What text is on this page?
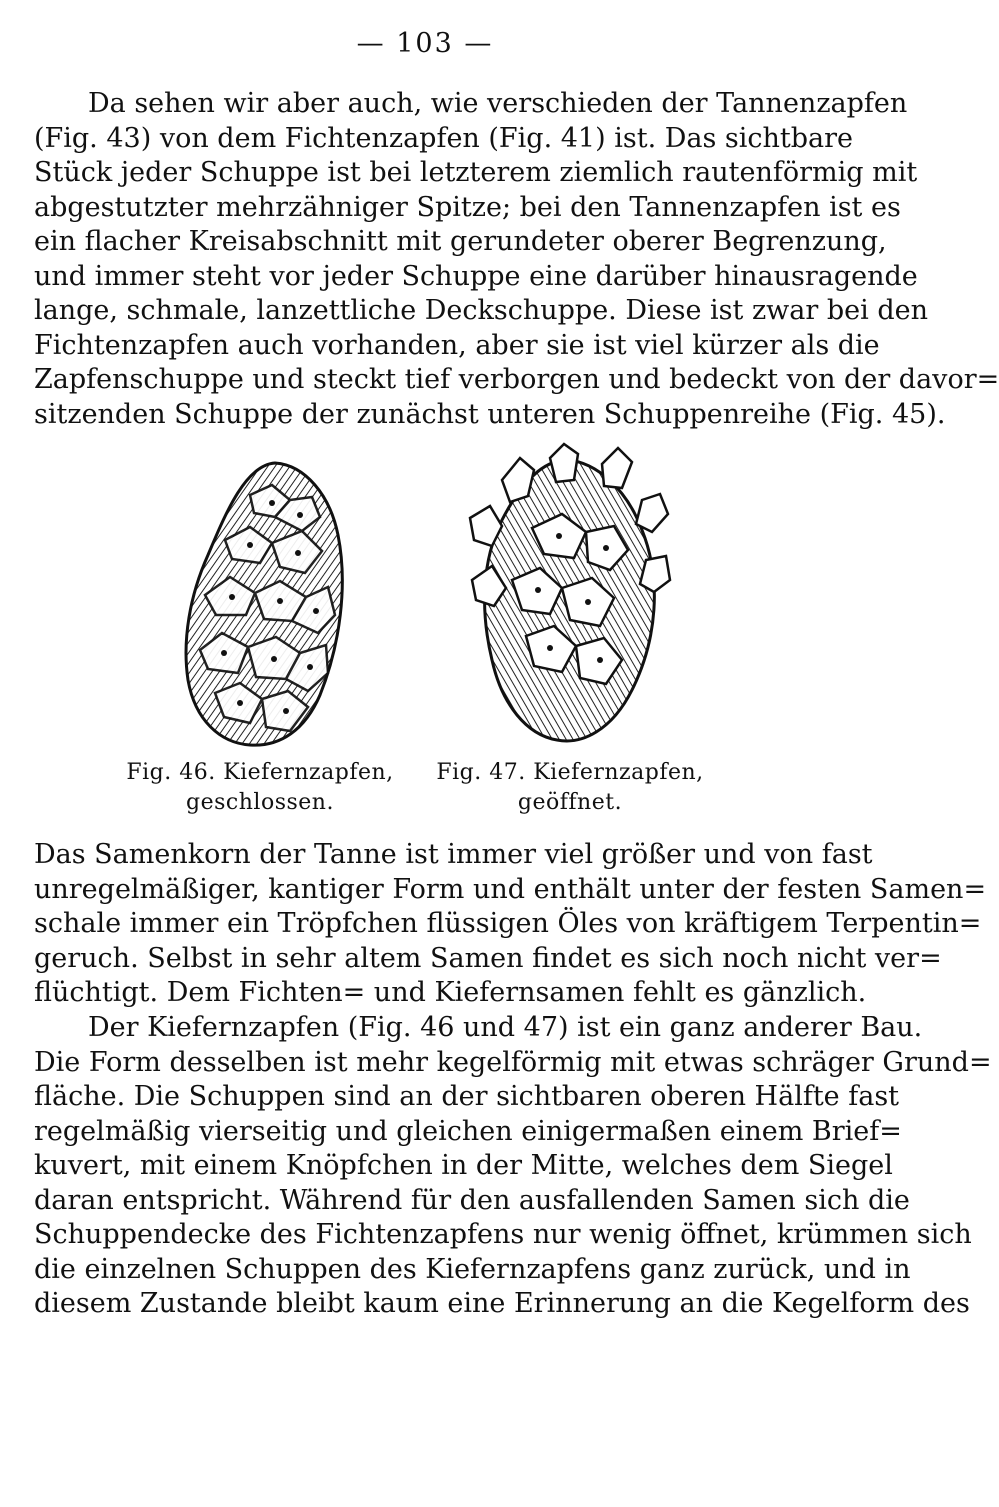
— 103 —
Da sehen wir aber auch, wie verschieden der Tannenzapfen
(Fig. 43) von dem Fichtenzapfen (Fig. 41) ist. Das sichtbare
Stück jeder Schuppe ist bei letzterem ziemlich rautenförmig mit
abgestutzter mehrzähniger Spitze; bei den Tannenzapfen ist es
ein flacher Kreisabschnitt mit gerundeter oberer Begrenzung,
und immer steht vor jeder Schuppe eine darüber hinausragende
lange, schmale, lanzettliche Deckschuppe. Diese ist zwar bei den
Fichtenzapfen auch vorhanden, aber sie ist viel kürzer als die
Zapfenschuppe und steckt tief verborgen und bedeckt von der davor=
sitzenden Schuppe der zunächst unteren Schuppenreihe (Fig. 45).
Fig. 46. Kiefernzapfen,
geschlossen.
Fig. 47. Kiefernzapfen,
geöffnet.
Das Samenkorn der Tanne ist immer viel größer und von fast
unregelmäßiger, kantiger Form und enthält unter der festen Samen=
schale immer ein Tröpfchen flüssigen Öles von kräftigem Terpentin=
geruch. Selbst in sehr altem Samen findet es sich noch nicht ver=
flüchtigt. Dem Fichten= und Kiefernsamen fehlt es gänzlich.
Der Kiefernzapfen (Fig. 46 und 47) ist ein ganz anderer Bau.
Die Form desselben ist mehr kegelförmig mit etwas schräger Grund=
fläche. Die Schuppen sind an der sichtbaren oberen Hälfte fast
regelmäßig vierseitig und gleichen einigermaßen einem Brief=
kuvert, mit einem Knöpfchen in der Mitte, welches dem Siegel
daran entspricht. Während für den ausfallenden Samen sich die
Schuppendecke des Fichtenzapfens nur wenig öffnet, krümmen sich
die einzelnen Schuppen des Kiefernzapfens ganz zurück, und in
diesem Zustande bleibt kaum eine Erinnerung an die Kegelform des
